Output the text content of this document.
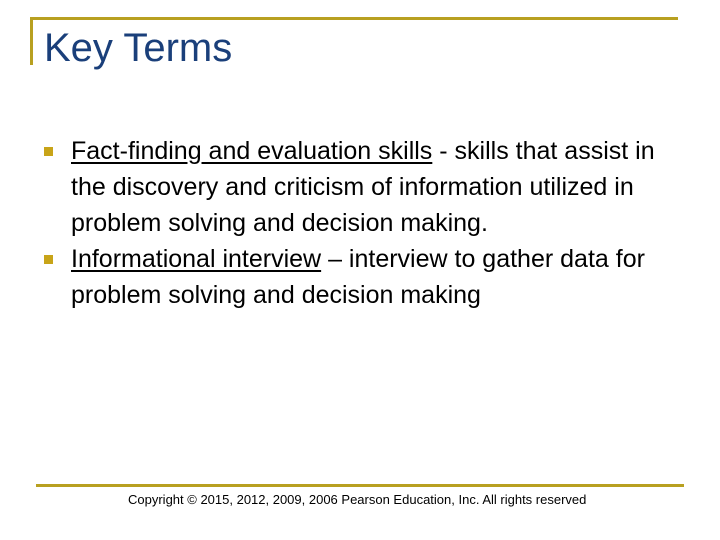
Key Terms
Fact-finding and evaluation skills - skills that assist in the discovery and criticism of information utilized in problem solving and decision making.
Informational interview – interview to gather data for problem solving and decision making
Copyright © 2015, 2012, 2009, 2006 Pearson Education, Inc. All rights reserved
